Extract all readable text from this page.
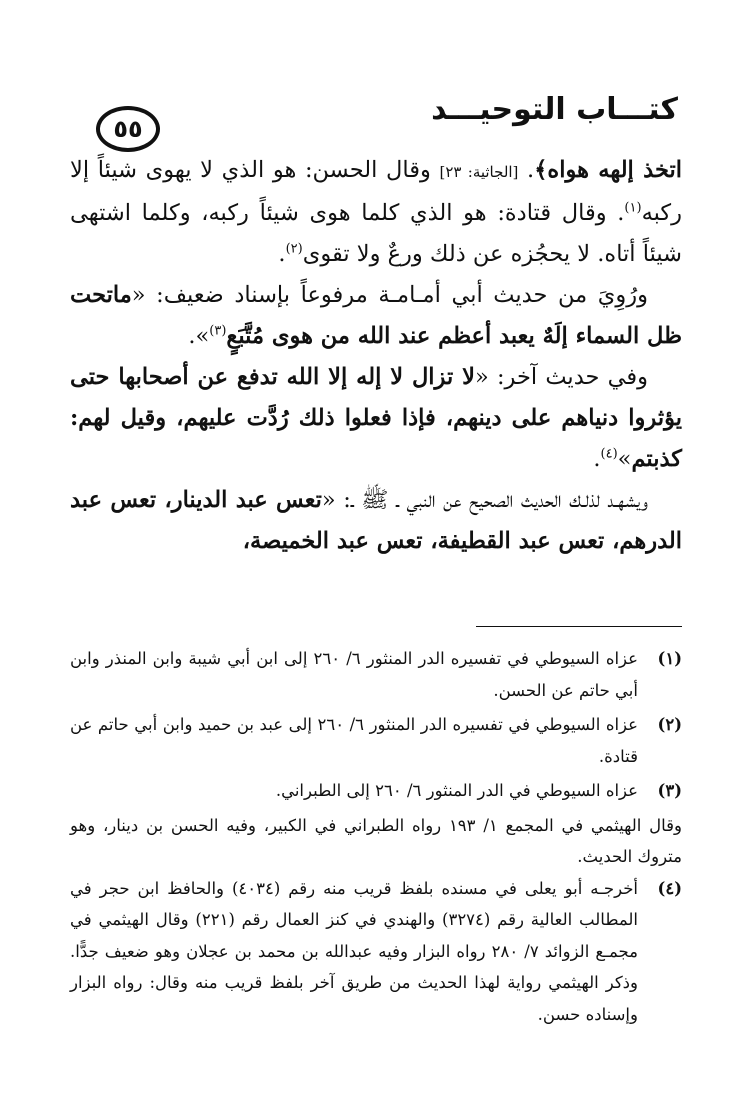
كتـــاب التوحيـــد
٥٥

اتخذ إلهه هواه﴾. [الجاثية: ٢٣] وقال الحسن: هو الذي لا يهوى شيئاً إلا ركبه$^{(١)}$. وقال قتادة: هو الذي كلما هوى شيئاً ركبه، وكلما اشتهى شيئاً أتاه. لا يحجُزه عن ذلك ورعٌ ولا تقوى$^{(٢)}$.

ورُوِيَ من حديث أبي أمـامـة مرفوعاً بإسناد ضعيف: «ماتحت ظل السماء إلَهٌ يعبد أعظم عند الله من هوى مُتَّبَعٍ$^{(٣)}$».

وفي حديث آخر: «لا تزال لا إله إلا الله تدفع عن أصحابها حتى يؤثروا دنياهم على دينهم، فإذا فعلوا ذلك رُدَّت عليهم، وقيل لهم: كذبتم»$^{(٤)}$.

ويشهـد لذلـك الحديث الصحيح عن النبي ـ ﷺ ـ: «تعس عبد الدينار، تعس عبد الدرهم، تعس عبد القطيفة، تعس عبد الخميصة،

(١)
عزاه السيوطي في تفسيره الدر المنثور ٦/ ٢٦٠ إلى ابن أبي شيبة وابن المنذر وابن أبي حاتم عن الحسن.
(٢)
عزاه السيوطي في تفسيره الدر المنثور ٦/ ٢٦٠ إلى عبد بن حميد وابن أبي حاتم عن قتادة.
(٣)
عزاه السيوطي في الدر المنثور ٦/ ٢٦٠ إلى الطبراني.

وقال الهيثمي في المجمع ١/ ١٩٣ رواه الطبراني في الكبير، وفيه الحسن بن دينار، وهو متروك الحديث.

(٤)
أخرجـه أبو يعلى في مسنده بلفظ قريب منه رقم (٤٠٣٤) والحافظ ابن حجر في المطالب العالية رقم (٣٢٧٤) والهندي في كنز العمال رقم (٢٢١) وقال الهيثمي في مجمـع الزوائد ٧/ ٢٨٠ رواه البزار وفيه عبدالله بن محمد بن عجلان وهو ضعيف جدًّا. وذكر الهيثمي رواية لهذا الحديث من طريق آخر بلفظ قريب منه وقال: رواه البزار وإسناده حسن.
